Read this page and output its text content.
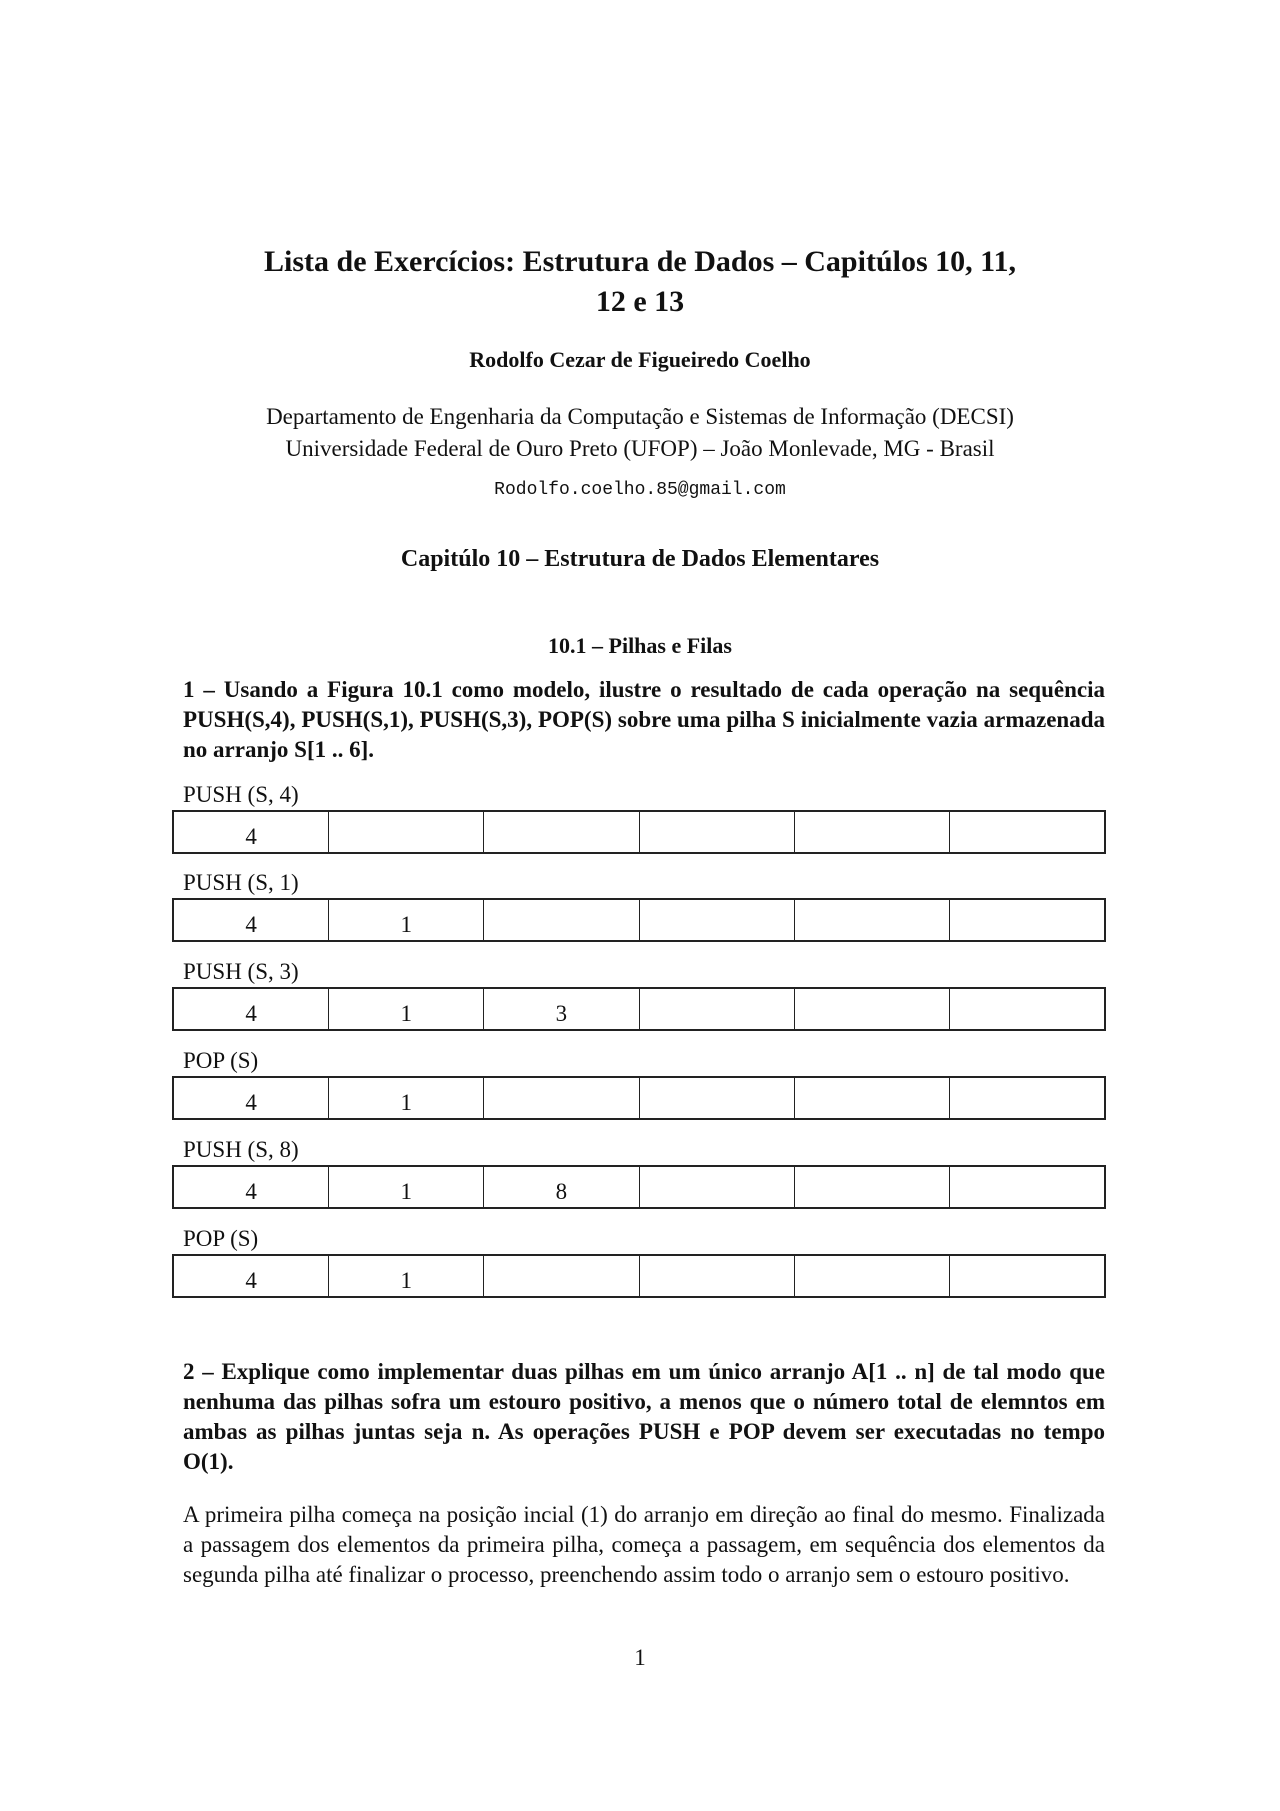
Lista de Exercícios: Estrutura de Dados – Capitúlos 10, 11,
12 e 13
Rodolfo Cezar de Figueiredo Coelho
Departamento de Engenharia da Computação e Sistemas de Informação (DECSI)
Universidade Federal de Ouro Preto (UFOP) – João Monlevade, MG - Brasil
Rodolfo.coelho.85@gmail.com
Capitúlo 10 – Estrutura de Dados Elementares
10.1 – Pilhas e Filas
1 – Usando a Figura 10.1 como modelo, ilustre o resultado de cada operação na sequência PUSH(S,4), PUSH(S,1), PUSH(S,3), POP(S) sobre uma pilha S inicialmente vazia armazenada no arranjo S[1 .. 6].
PUSH (S, 4)
4
PUSH (S, 1)
4	1
PUSH (S, 3)
4	1	3
POP (S)
4	1
PUSH (S, 8)
4	1	8
POP (S)
4	1
2 – Explique como implementar duas pilhas em um único arranjo A[1 .. n] de tal modo que nenhuma das pilhas sofra um estouro positivo, a menos que o número total de elemntos em ambas as pilhas juntas seja n. As operações PUSH e POP devem ser executadas no tempo O(1).
A primeira pilha começa na posição incial (1) do arranjo em direção ao final do mesmo. Finalizada a passagem dos elementos da primeira pilha, começa a passagem, em sequência dos elementos da segunda pilha até finalizar o processo, preenchendo assim todo o arranjo sem o estouro positivo.
1
